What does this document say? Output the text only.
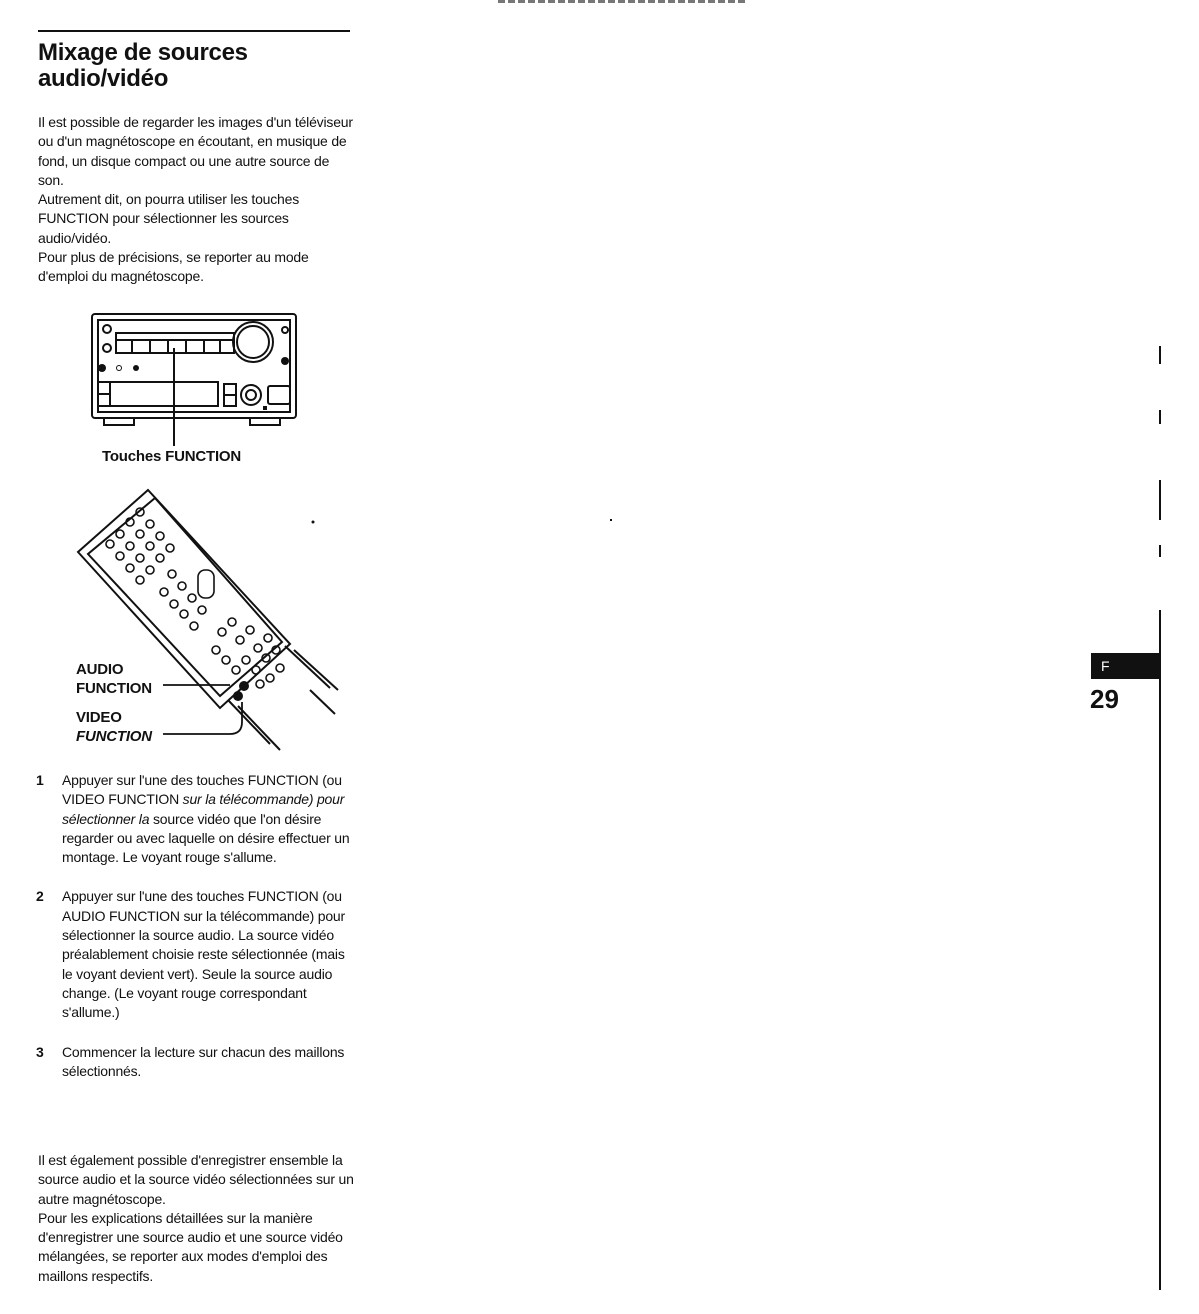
Mixage de sources
audio/vidéo

Il est possible de regarder les images d'un téléviseur ou d'un magnétoscope en écoutant, en musique de fond, un disque compact ou une autre source de son.

Autrement dit, on pourra utiliser les touches FUNCTION pour sélectionner les sources audio/vidéo.

Pour plus de précisions, se reporter au mode d'emploi du magnétoscope.

Touches FUNCTION

AUDIO
FUNCTION

VIDEO
FUNCTION

1 Appuyer sur l'une des touches FUNCTION (ou VIDEO FUNCTION sur la télécommande) pour sélectionner la source vidéo que l'on désire regarder ou avec laquelle on désire effectuer un montage. Le voyant rouge s'allume.
2 Appuyer sur l'une des touches FUNCTION (ou AUDIO FUNCTION sur la télécommande) pour sélectionner la source audio. La source vidéo préalablement choisie reste sélectionnée (mais le voyant devient vert). Seule la source audio change. (Le voyant rouge correspondant s'allume.)
3 Commencer la lecture sur chacun des maillons sélectionnés.

Il est également possible d'enregistrer ensemble la source audio et la source vidéo sélectionnées sur un autre magnétoscope.

Pour les explications détaillées sur la manière d'enregistrer une source audio et une source vidéo mélangées, se reporter aux modes d'emploi des maillons respectifs.

F
29
